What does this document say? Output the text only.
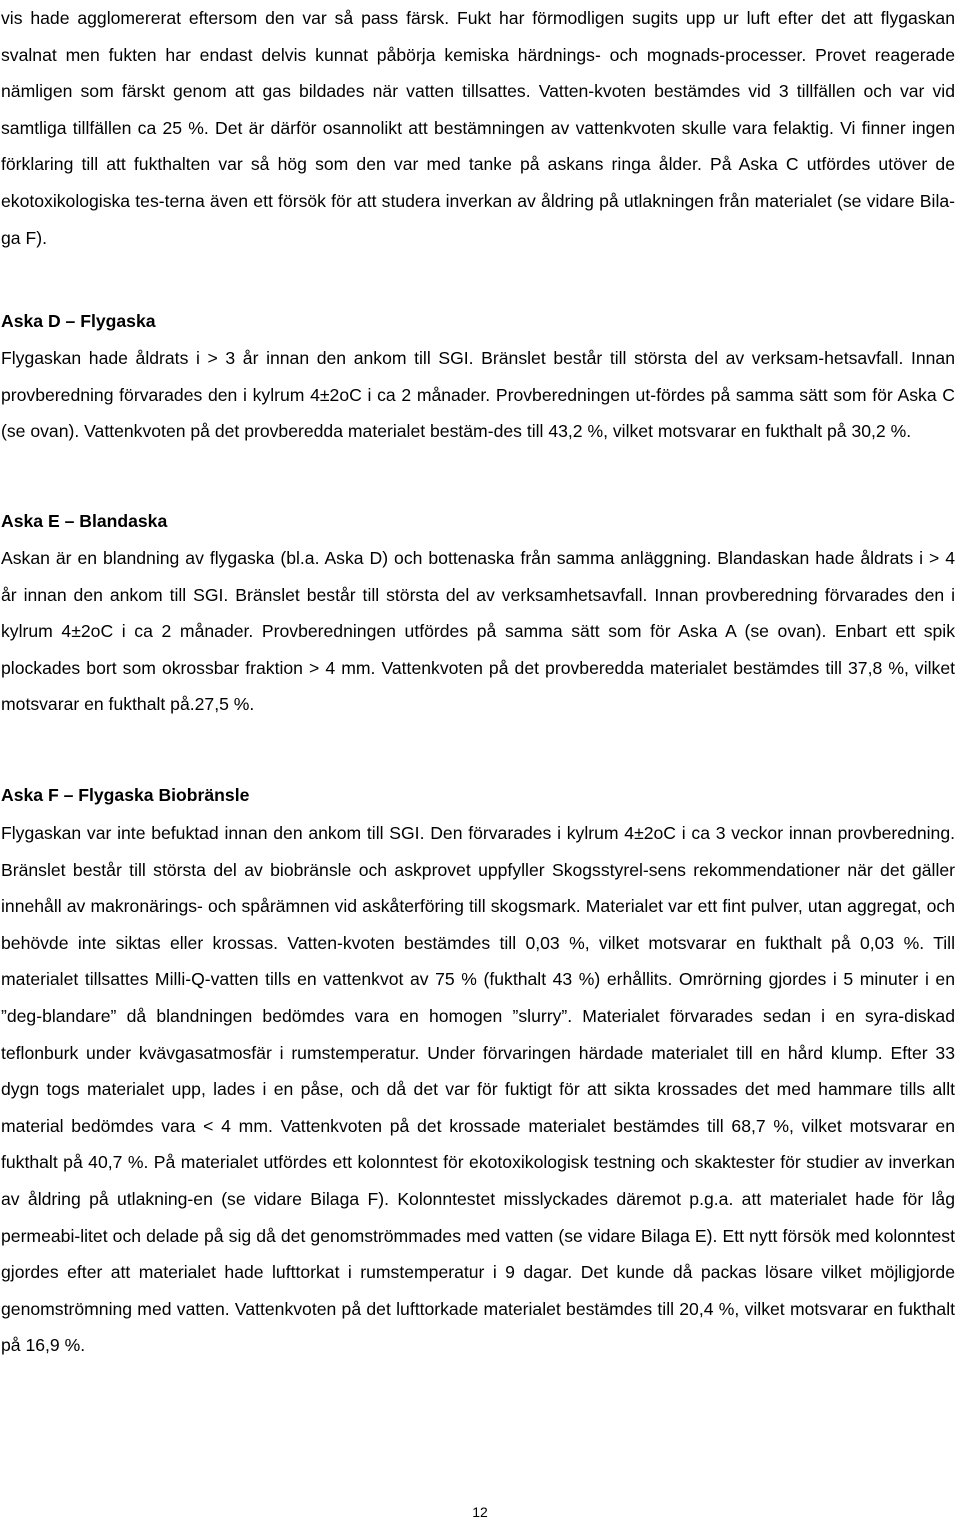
vis hade agglomererat eftersom den var så pass färsk. Fukt har förmodligen sugits upp ur luft efter det att flygaskan svalnat men fukten har endast delvis kunnat påbörja kemiska härdnings- och mognads-processer. Provet reagerade nämligen som färskt genom att gas bildades när vatten tillsattes. Vatten-kvoten bestämdes vid 3 tillfällen och var vid samtliga tillfällen ca 25 %. Det är därför osannolikt att bestämningen av vattenkvoten skulle vara felaktig. Vi finner ingen förklaring till att fukthalten var så hög som den var med tanke på askans ringa ålder. På Aska C utfördes utöver de ekotoxikologiska tes-terna även ett försök för att studera inverkan av åldring på utlakningen från materialet (se vidare Bila-ga F).

Aska D – Flygaska

Flygaskan hade åldrats i > 3 år innan den ankom till SGI. Bränslet består till största del av verksam-hetsavfall. Innan provberedning förvarades den i kylrum 4±2oC i ca 2 månader. Provberedningen ut-fördes på samma sätt som för Aska C (se ovan). Vattenkvoten på det provberedda materialet bestäm-des till 43,2 %, vilket motsvarar en fukthalt på 30,2 %.

Aska E – Blandaska

Askan är en blandning av flygaska (bl.a. Aska D) och bottenaska från samma anläggning. Blandaskan hade åldrats i > 4 år innan den ankom till SGI. Bränslet består till största del av verksamhetsavfall. Innan provberedning förvarades den i kylrum 4±2oC i ca 2 månader. Provberedningen utfördes på samma sätt som för Aska A (se ovan). Enbart ett spik plockades bort som okrossbar fraktion > 4 mm. Vattenkvoten på det provberedda materialet bestämdes till 37,8 %, vilket motsvarar en fukthalt på.27,5 %.

Aska F – Flygaska Biobränsle

Flygaskan var inte befuktad innan den ankom till SGI. Den förvarades i kylrum 4±2oC i ca 3 veckor innan provberedning. Bränslet består till största del av biobränsle och askprovet uppfyller Skogsstyrel-sens rekommendationer när det gäller innehåll av makronärings- och spårämnen vid askåterföring till skogsmark. Materialet var ett fint pulver, utan aggregat, och behövde inte siktas eller krossas. Vatten-kvoten bestämdes till 0,03 %, vilket motsvarar en fukthalt på 0,03 %. Till materialet tillsattes Milli-Q-vatten tills en vattenkvot av 75 % (fukthalt 43 %) erhållits. Omrörning gjordes i 5 minuter i en ”deg-blandare” då blandningen bedömdes vara en homogen ”slurry”. Materialet förvarades sedan i en syra-diskad teflonburk under kvävgasatmosfär i rumstemperatur. Under förvaringen härdade materialet till en hård klump. Efter 33 dygn togs materialet upp, lades i en påse, och då det var för fuktigt för att sikta krossades det med hammare tills allt material bedömdes vara < 4 mm. Vattenkvoten på det krossade materialet bestämdes till 68,7 %, vilket motsvarar en fukthalt på 40,7 %. På materialet utfördes ett kolonntest för ekotoxikologisk testning och skaktester för studier av inverkan av åldring på utlakning-en (se vidare Bilaga F). Kolonntestet misslyckades däremot p.g.a. att materialet hade för låg permeabi-litet och delade på sig då det genomströmmades med vatten (se vidare Bilaga E). Ett nytt försök med kolonntest gjordes efter att materialet hade lufttorkat i rumstemperatur i 9 dagar. Det kunde då packas lösare vilket möjligjorde genomströmning med vatten. Vattenkvoten på det lufttorkade materialet bestämdes till 20,4 %, vilket motsvarar en fukthalt på 16,9 %.

12
